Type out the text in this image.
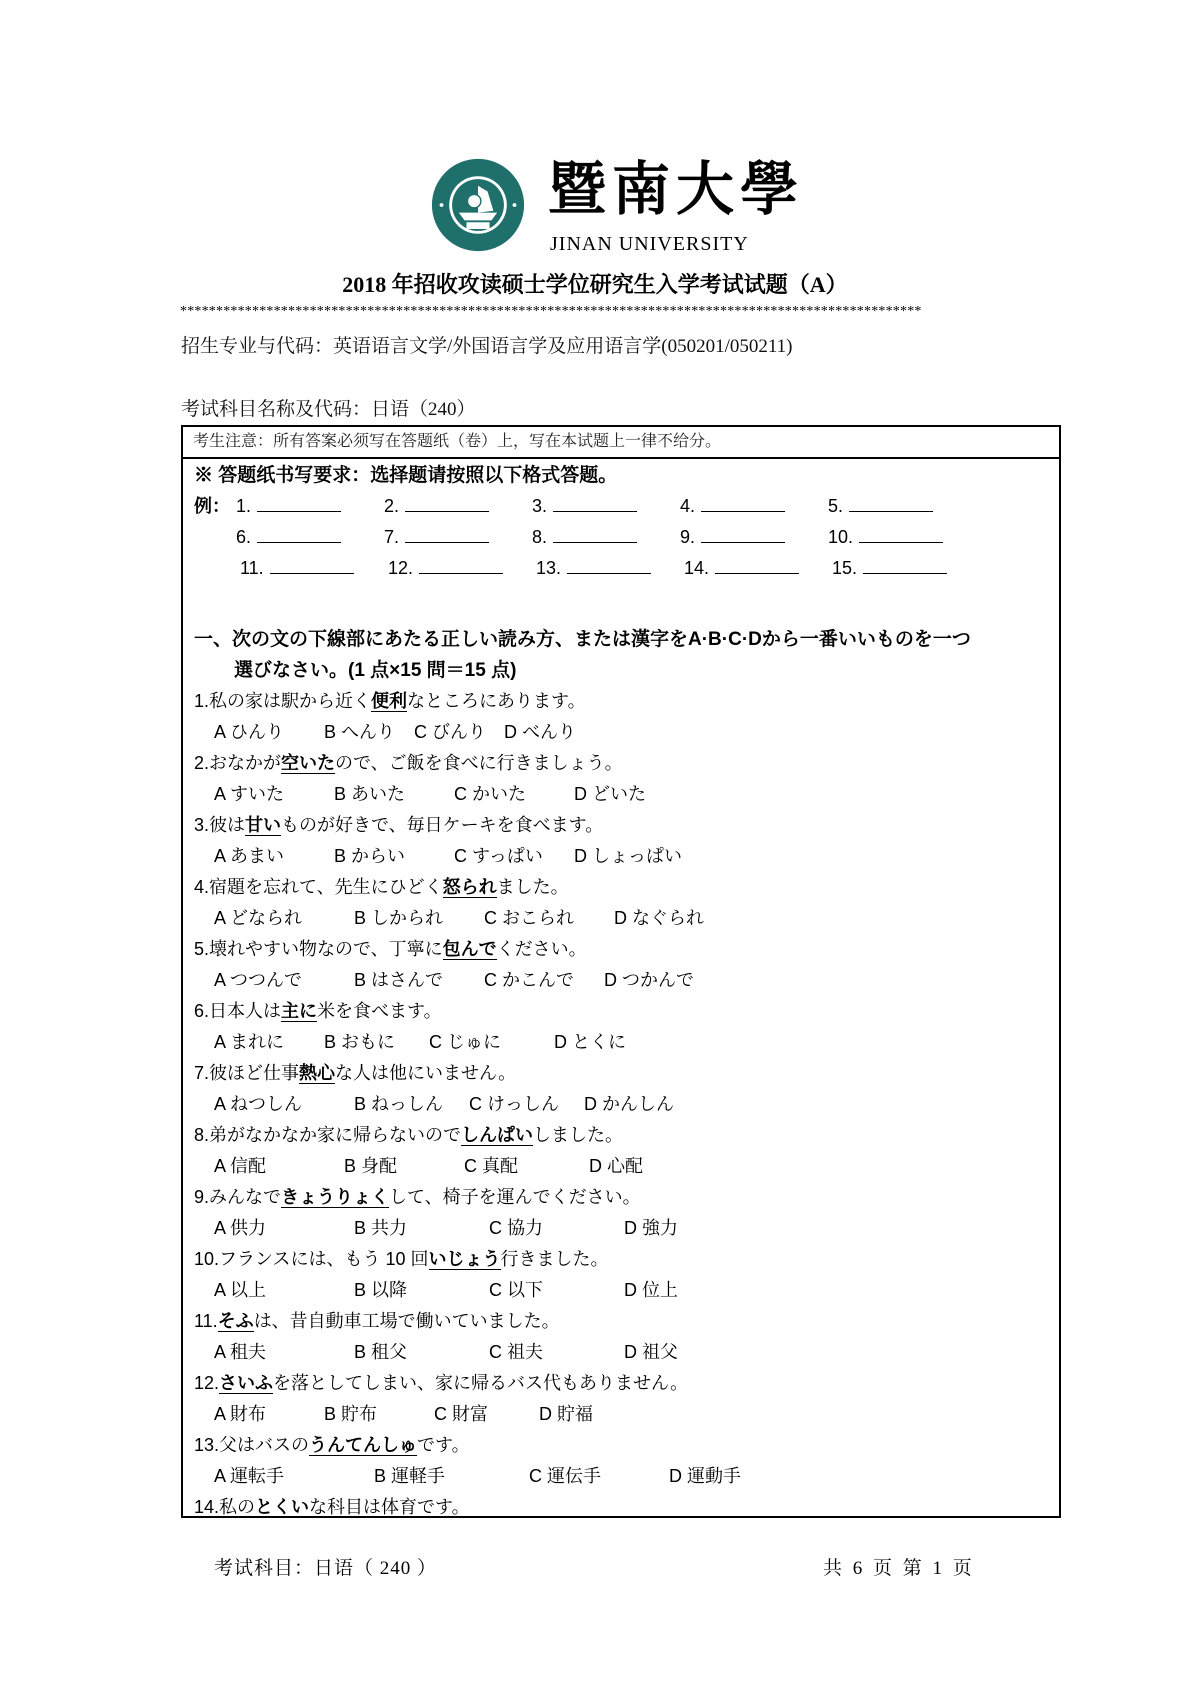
暨南大學
JINAN UNIVERSITY
2018 年招收攻读硕士学位研究生入学考试试题（A）
*******************************************************************************************************
招生专业与代码：英语语言文学/外国语言学及应用语言学(050201/050211)
考试科目名称及代码：日语（240）
考生注意：所有答案必须写在答题纸（卷）上，写在本试题上一律不给分。
※ 答题纸书写要求：选择题请按照以下格式答题。
例： 1.	2.	3.	4.	5.
6.	7.	8.	9.	10.
11.	12.	13.	14.	15.
一、次の文の下線部にあたる正しい読み方、または漢字をA·B·C·Dから一番いいものを一つ
選びなさい。(1 点×15 問＝15 点)
1.私の家は駅から近く便利なところにあります。
A ひんり B へんり C びんり D べんり
2.おなかが空いたので、ご飯を食べに行きましょう。
A すいた	B あいた	C かいた	D どいた
3.彼は甘いものが好きで、毎日ケーキを食べます。
A あまい	B からい	C すっぱい D しょっぱい
4.宿題を忘れて、先生にひどく怒られました。
A どなられ	B しかられ C おこられ D なぐられ
5.壊れやすい物なので、丁寧に包んでください。
A つつんで	B はさんで C かこんで D つかんで
6.日本人は主に米を食べます。
A まれに B おもに C じゅに	D とくに
7.彼ほど仕事熱心な人は他にいません。
A ねつしん	B ねっしん C けっしん D かんしん
8.弟がなかなか家に帰らないのでしんぱいしました。
A 信配	B 身配	C 真配	D 心配
9.みんなできょうりょくして、椅子を運んでください。
A 供力	B 共力	C 協力	D 強力
10.フランスには、もう 10 回いじょう行きました。
A 以上	B 以降	C 以下	D 位上
11.そふは、昔自動車工場で働いていました。
A 租夫	B 租父	C 祖夫	D 祖父
12.さいふを落としてしまい、家に帰るバス代もありません。
A 財布	B 貯布	C 財富	D 貯福
13.父はバスのうんてんしゅです。
A 運転手	B 運軽手	C 運伝手	D 運動手
14.私のとくいな科目は体育です。
考试科目：日语（ 240 ）	共 6 页 第 1 页
